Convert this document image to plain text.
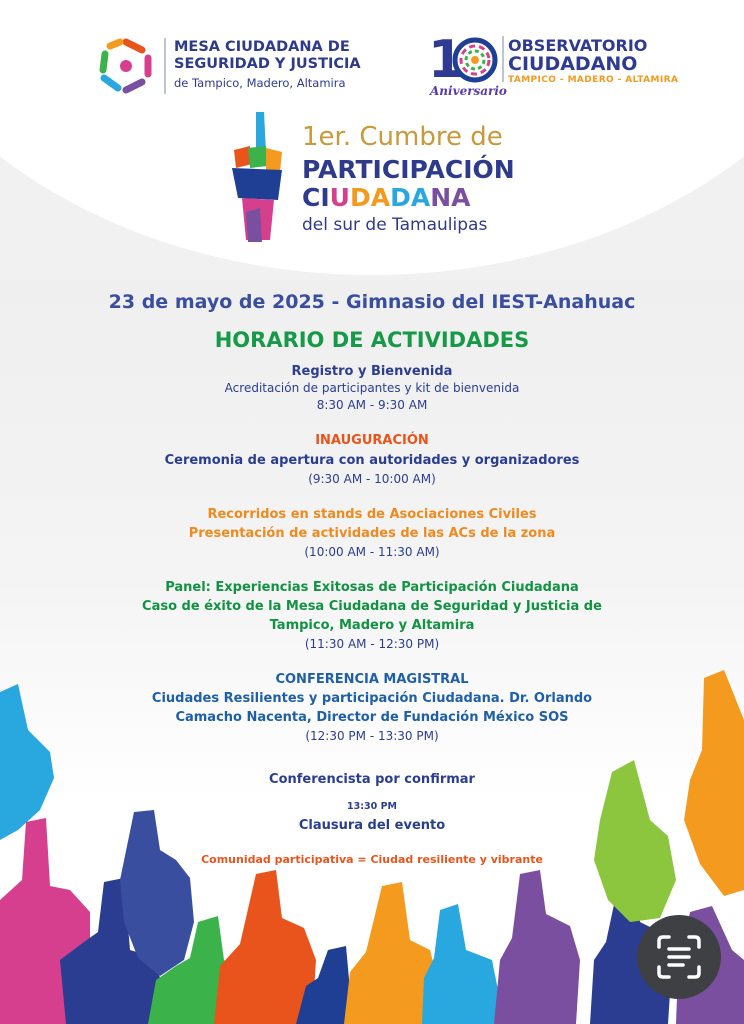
MESA CIUDADANA DE
SEGURIDAD Y JUSTICIA
de Tampico, Madero, Altamira 1
Aniversario
OBSERVATORIO
CIUDADANO
TAMPICO - MADERO - ALTAMIRA
1er. Cumbre de
PARTICIPACIÓN
CIUDADANA
del sur de Tamaulipas
23 de mayo de 2025 - Gimnasio del IEST-Anahuac
HORARIO DE ACTIVIDADES
Registro y Bienvenida
Acreditación de participantes y kit de bienvenida
8:30 AM - 9:30 AM
INAUGURACIÓN
Ceremonia de apertura con autoridades y organizadores
(9:30 AM - 10:00 AM)
Recorridos en stands de Asociaciones Civiles
Presentación de actividades de las ACs de la zona
(10:00 AM - 11:30 AM)
Panel: Experiencias Exitosas de Participación Ciudadana
Caso de éxito de la Mesa Ciudadana de Seguridad y Justicia de
Tampico, Madero y Altamira
(11:30 AM - 12:30 PM)
CONFERENCIA MAGISTRAL
Ciudades Resilientes y participación Ciudadana. Dr. Orlando
Camacho Nacenta, Director de Fundación México SOS
(12:30 PM - 13:30 PM)
Conferencista por confirmar
13:30 PM
Clausura del evento
Comunidad participativa = Ciudad resiliente y vibrante
